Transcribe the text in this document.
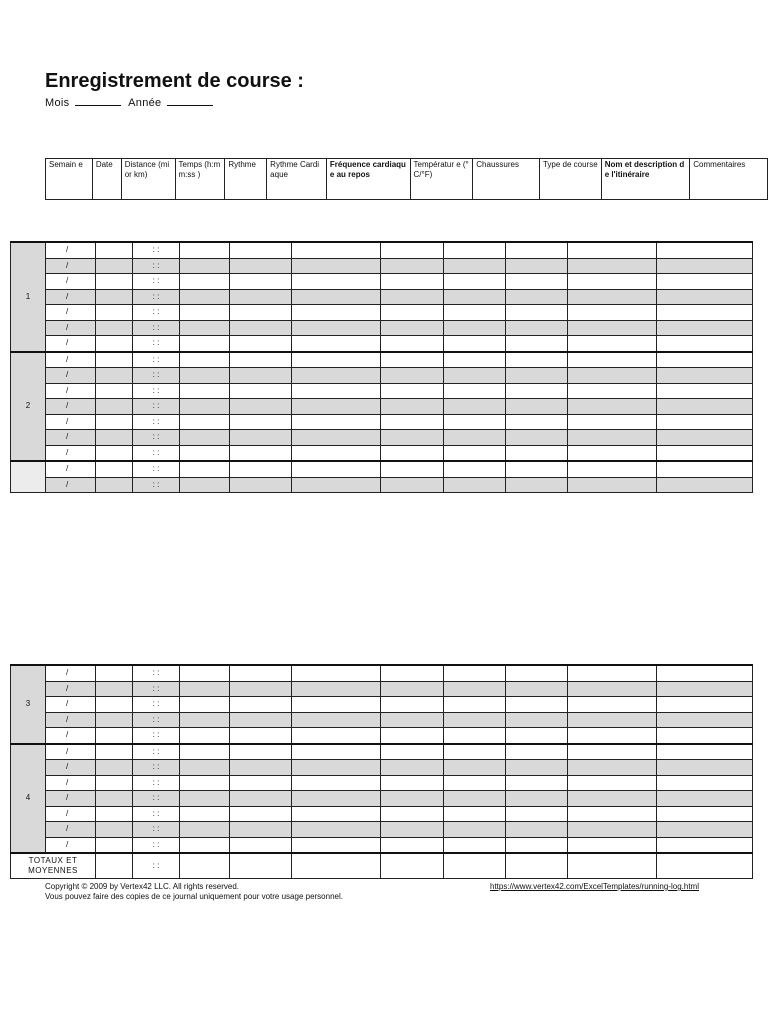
Enregistrement de course :
Mois	Année
Semain e	Date	Distance (mi or km)	Temps (h:mm:ss )	Rythme	Rythme Cardiaque	Fréquence cardiaque au repos	Températur e (°C/°F)	Chaussures	Type de course	Nom et description de l'itinéraire	Commentaires
1	/		: :								
	/		: :								
	/		: :								
	/		: :								
	/		: :								
	/		: :								
	/		: :								
2	/		: :								
	/		: :								
	/		: :								
	/		: :								
	/		: :								
	/		: :								
	/		: :								
	/		: :								
	/		: :								
3	/		: :								
	/		: :								
	/		: :								
	/		: :								
	/		: :								
4	/		: :								
	/		: :								
	/		: :								
	/		: :								
	/		: :								
	/		: :								
	/		: :								
TOTAUX ET MOYENNES			: :								
Copyright © 2009 by Vertex42 LLC. All rights reserved.
Vous pouvez faire des copies de ce journal uniquement pour votre usage personnel.
https://www.vertex42.com/ExcelTemplates/running-log.html
